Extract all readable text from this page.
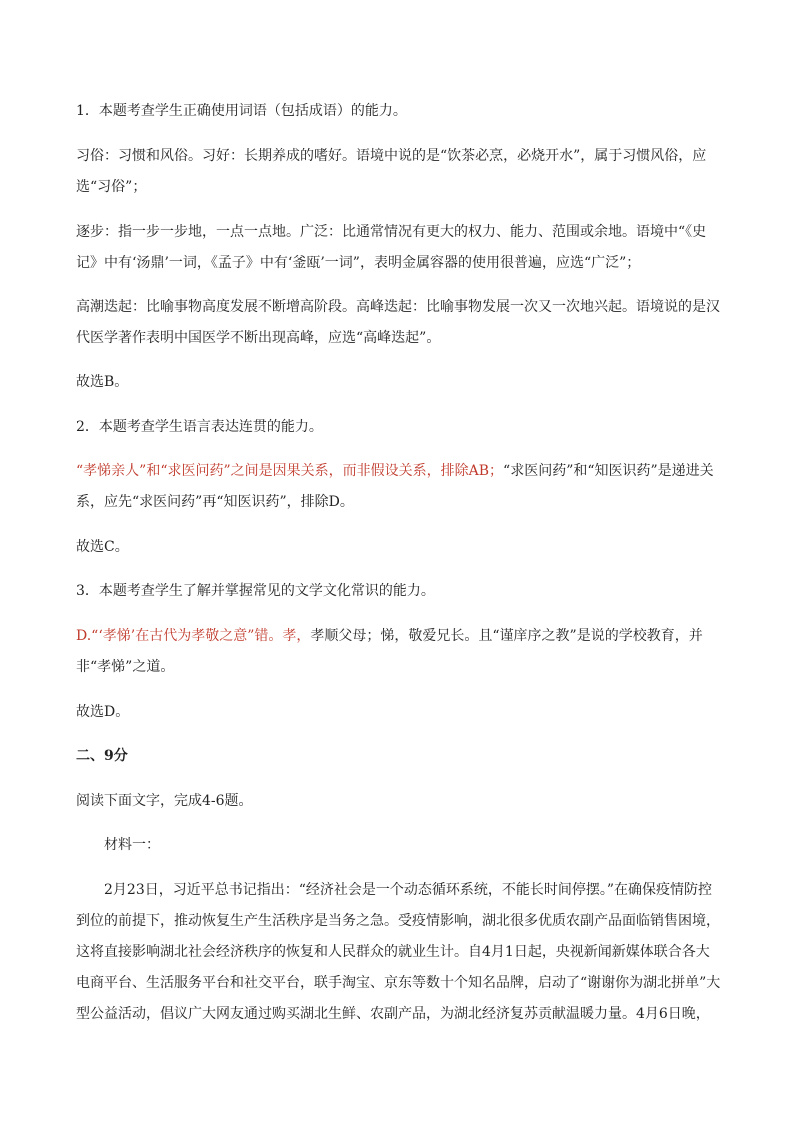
1．本题考查学生正确使用词语（包括成语）的能力。

习俗：习惯和风俗。习好：长期养成的嗜好。语境中说的是“饮茶必烹，必烧开水”，属于习惯风俗，应选“习俗”；

逐步：指一步一步地，一点一点地。广泛：比通常情况有更大的权力、能力、范围或余地。语境中“《史记》中有‘汤鼎’一词，《孟子》中有‘釜瓯’一词”，表明金属容器的使用很普遍，应选“广泛”；

高潮迭起：比喻事物高度发展不断增高阶段。高峰迭起：比喻事物发展一次又一次地兴起。语境说的是汉代医学著作表明中国医学不断出现高峰，应选“高峰迭起”。

故选B。

2．本题考查学生语言表达连贯的能力。

“孝悌亲人”和“求医问药”之间是因果关系，而非假设关系，排除AB；“求医问药”和“知医识药”是递进关系，应先“求医问药”再“知医识药”，排除D。

故选C。

3．本题考查学生了解并掌握常见的文学文化常识的能力。

D.“‘孝悌’在古代为孝敬之意”错。孝，孝顺父母；悌，敬爱兄长。且“谨庠序之教”是说的学校教育，并非“孝悌”之道。

故选D。

二、9分

阅读下面文字，完成4-6题。

材料一：

2月23日，习近平总书记指出：“经济社会是一个动态循环系统，不能长时间停摆。”在确保疫情防控到位的前提下，推动恢复生产生活秩序是当务之急。受疫情影响，湖北很多优质农副产品面临销售困境，这将直接影响湖北社会经济秩序的恢复和人民群众的就业生计。自4月1日起，央视新闻新媒体联合各大电商平台、生活服务平台和社交平台，联手淘宝、京东等数十个知名品牌，启动了“谢谢你为湖北拼单”大型公益活动，倡议广大网友通过购买湖北生鲜、农副产品，为湖北经济复苏贡献温暖力量。4月6日晚，
